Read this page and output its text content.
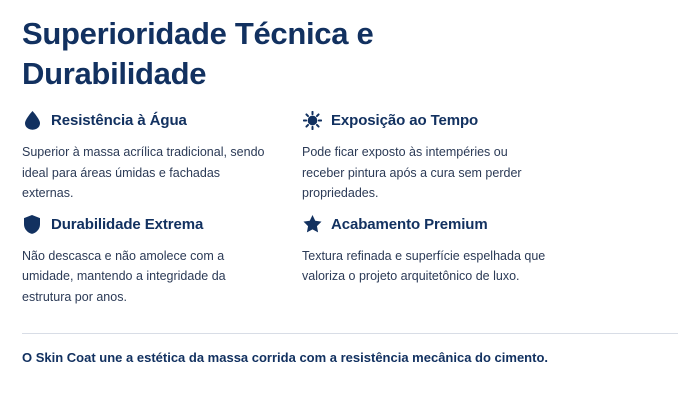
Superioridade Técnica e Durabilidade
Resistência à Água
Superior à massa acrílica tradicional, sendo ideal para áreas úmidas e fachadas externas.
Exposição ao Tempo
Pode ficar exposto às intempéries ou receber pintura após a cura sem perder propriedades.
Durabilidade Extrema
Não descasca e não amolece com a umidade, mantendo a integridade da estrutura por anos.
Acabamento Premium
Textura refinada e superfície espelhada que valoriza o projeto arquitetônico de luxo.
O Skin Coat une a estética da massa corrida com a resistência mecânica do cimento.
